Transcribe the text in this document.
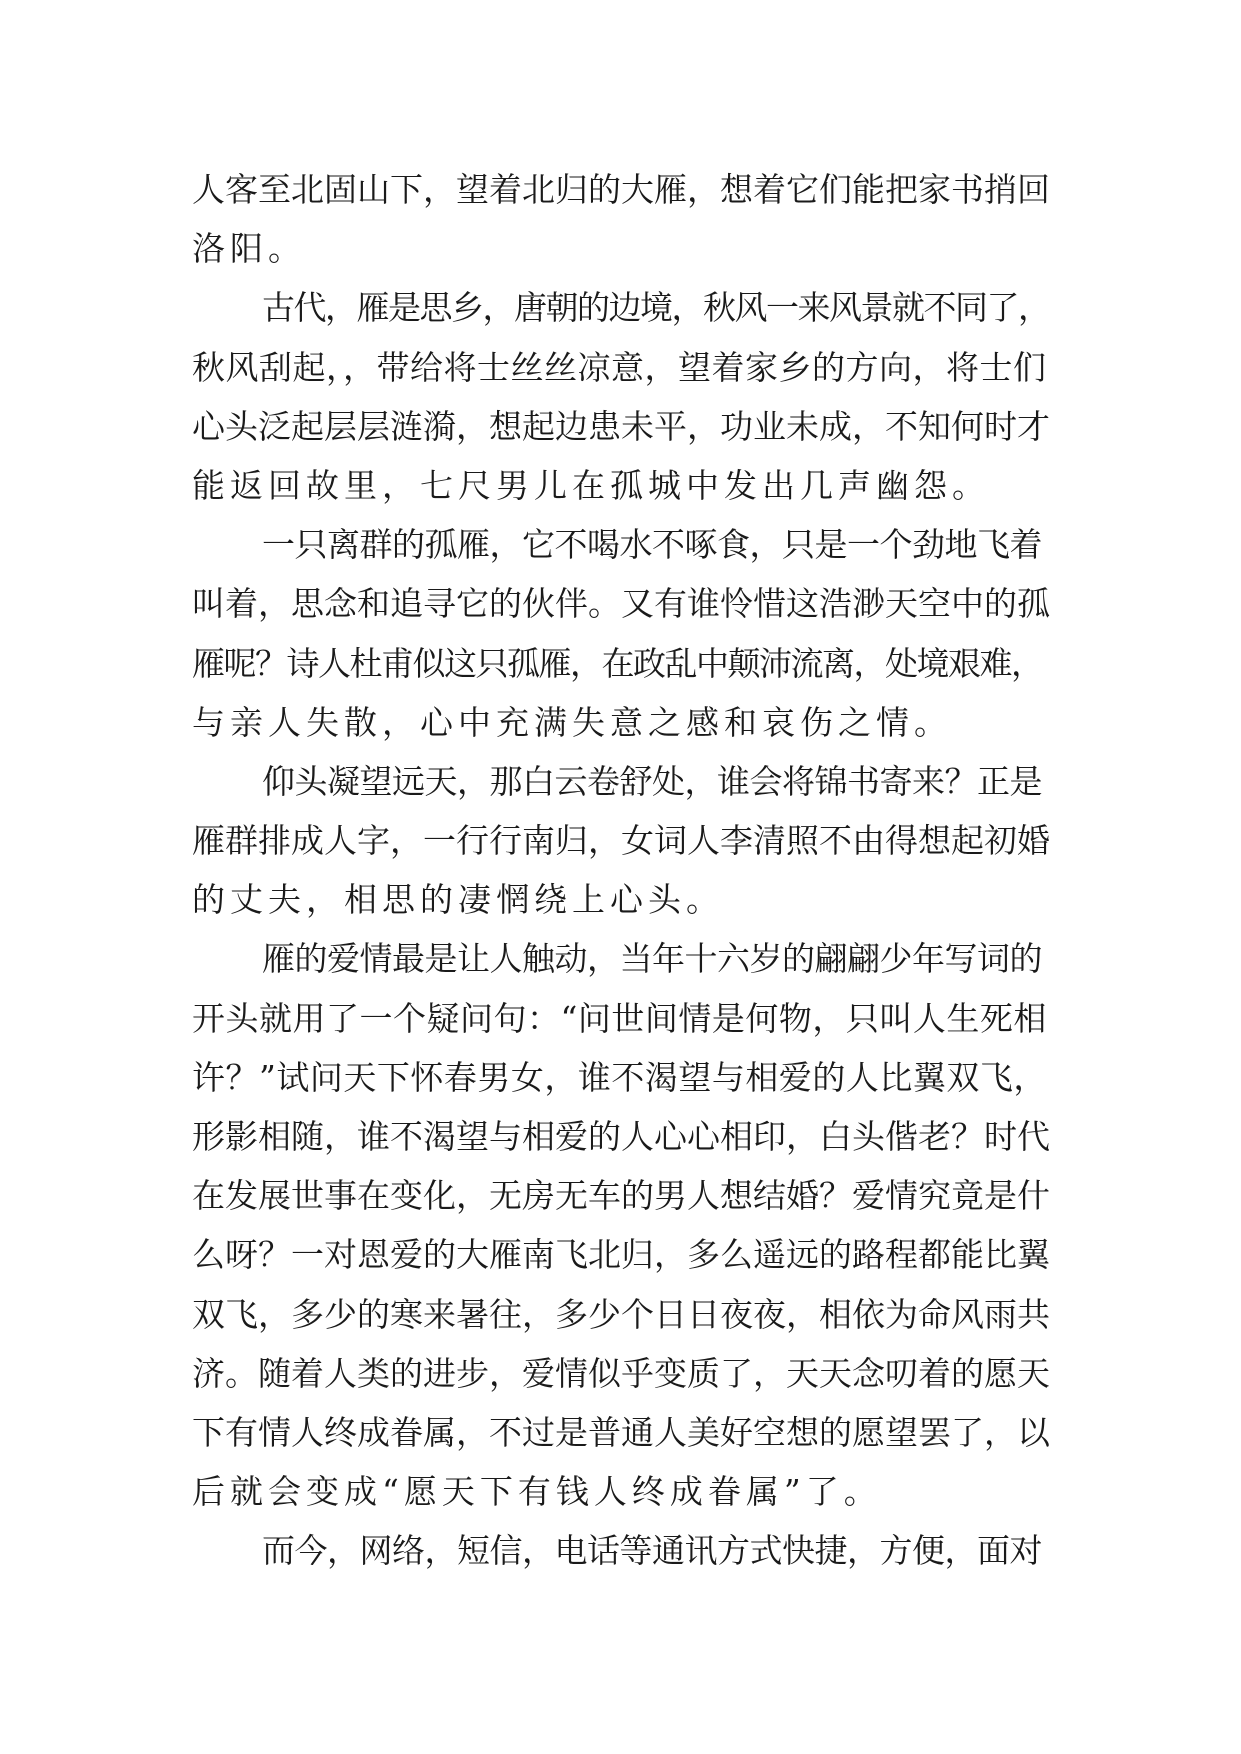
人客至北固山下，望着北归的大雁，想着它们能把家书捎回
洛阳。
古代，雁是思乡，唐朝的边境，秋风一来风景就不同了，
秋风刮起，，带给将士丝丝凉意，望着家乡的方向，将士们
心头泛起层层涟漪，想起边患未平，功业未成，不知何时才
能返回故里，七尺男儿在孤城中发出几声幽怨。
一只离群的孤雁，它不喝水不啄食，只是一个劲地飞着
叫着，思念和追寻它的伙伴。又有谁怜惜这浩渺天空中的孤
雁呢？诗人杜甫似这只孤雁，在政乱中颠沛流离，处境艰难，
与亲人失散，心中充满失意之感和哀伤之情。
仰头凝望远天，那白云卷舒处，谁会将锦书寄来？正是
雁群排成人字，一行行南归，女词人李清照不由得想起初婚
的丈夫，相思的凄惘绕上心头。
雁的爱情最是让人触动，当年十六岁的翩翩少年写词的
开头就用了一个疑问句：“问世间情是何物，只叫人生死相
许？”试问天下怀春男女，谁不渴望与相爱的人比翼双飞，
形影相随，谁不渴望与相爱的人心心相印，白头偕老？时代
在发展世事在变化，无房无车的男人想结婚？爱情究竟是什
么呀？一对恩爱的大雁南飞北归，多么遥远的路程都能比翼
双飞，多少的寒来暑往，多少个日日夜夜，相依为命风雨共
济。随着人类的进步，爱情似乎变质了，天天念叨着的愿天
下有情人终成眷属，不过是普通人美好空想的愿望罢了，以
后就会变成“愿天下有钱人终成眷属”了。
而今，网络，短信，电话等通讯方式快捷，方便，面对
